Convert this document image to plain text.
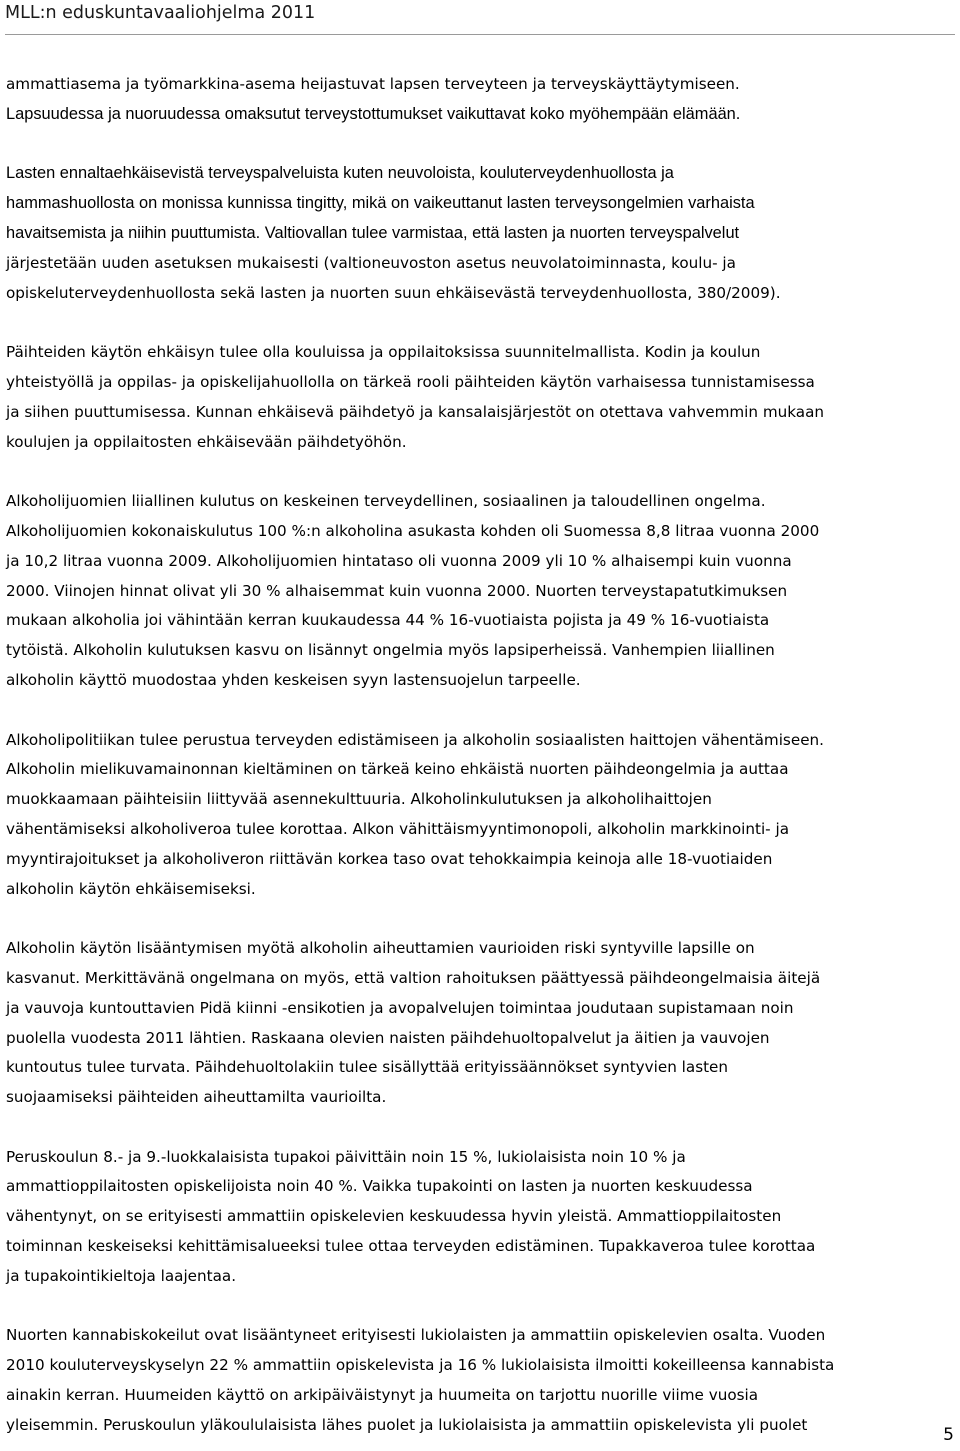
MLL:n eduskuntavaaliohjelma 2011
ammattiasema ja työmarkkina-asema heijastuvat lapsen terveyteen ja terveyskäyttäytymiseen.
Lapsuudessa ja nuoruudessa omaksutut terveystottumukset vaikuttavat koko myöhempään elämään.
Lasten ennaltaehkäisevistä terveyspalveluista kuten neuvoloista, kouluterveydenhuollosta ja
hammashuollosta on monissa kunnissa tingitty, mikä on vaikeuttanut lasten terveysongelmien varhaista
havaitsemista ja niihin puuttumista. Valtiovallan tulee varmistaa, että lasten ja nuorten terveyspalvelut
järjestetään uuden asetuksen mukaisesti (valtioneuvoston asetus neuvolatoiminnasta, koulu- ja
opiskeluterveydenhuollosta sekä lasten ja nuorten suun ehkäisevästä terveydenhuollosta, 380/2009).
Päihteiden käytön ehkäisyn tulee olla kouluissa ja oppilaitoksissa suunnitelmallista. Kodin ja koulun
yhteistyöllä ja oppilas- ja opiskelijahuollolla on tärkeä rooli päihteiden käytön varhaisessa tunnistamisessa
ja siihen puuttumisessa. Kunnan ehkäisevä päihdetyö ja kansalaisjärjestöt on otettava vahvemmin mukaan
koulujen ja oppilaitosten ehkäisevään päihdetyöhön.
Alkoholijuomien liiallinen kulutus on keskeinen terveydellinen, sosiaalinen ja taloudellinen ongelma.
Alkoholijuomien kokonaiskulutus 100 %:n alkoholina asukasta kohden oli Suomessa 8,8 litraa vuonna 2000
ja 10,2 litraa vuonna 2009. Alkoholijuomien hintataso oli vuonna 2009 yli 10 % alhaisempi kuin vuonna
2000. Viinojen hinnat olivat yli 30 % alhaisemmat kuin vuonna 2000. Nuorten terveystapatutkimuksen
mukaan alkoholia joi vähintään kerran kuukaudessa 44 % 16-vuotiaista pojista ja 49 % 16-vuotiaista
tytöistä. Alkoholin kulutuksen kasvu on lisännyt ongelmia myös lapsiperheissä. Vanhempien liiallinen
alkoholin käyttö muodostaa yhden keskeisen syyn lastensuojelun tarpeelle.
Alkoholipolitiikan tulee perustua terveyden edistämiseen ja alkoholin sosiaalisten haittojen vähentämiseen.
Alkoholin mielikuvamainonnan kieltäminen on tärkeä keino ehkäistä nuorten päihdeongelmia ja auttaa
muokkaamaan päihteisiin liittyvää asennekulttuuria. Alkoholinkulutuksen ja alkoholihaittojen
vähentämiseksi alkoholiveroa tulee korottaa. Alkon vähittäismyyntimonopoli, alkoholin markkinointi- ja
myyntirajoitukset ja alkoholiveron riittävän korkea taso ovat tehokkaimpia keinoja alle 18-vuotiaiden
alkoholin käytön ehkäisemiseksi.
Alkoholin käytön lisääntymisen myötä alkoholin aiheuttamien vaurioiden riski syntyville lapsille on
kasvanut. Merkittävänä ongelmana on myös, että valtion rahoituksen päättyessä päihdeongelmaisia äitejä
ja vauvoja kuntouttavien Pidä kiinni -ensikotien ja avopalvelujen toimintaa joudutaan supistamaan noin
puolella vuodesta 2011 lähtien. Raskaana olevien naisten päihdehuoltopalvelut ja äitien ja vauvojen
kuntoutus tulee turvata. Päihdehuoltolakiin tulee sisällyttää erityissäännökset syntyvien lasten
suojaamiseksi päihteiden aiheuttamilta vaurioilta.
Peruskoulun 8.- ja 9.-luokkalaisista tupakoi päivittäin noin 15 %, lukiolaisista noin 10 % ja
ammattioppilaitosten opiskelijoista noin 40 %. Vaikka tupakointi on lasten ja nuorten keskuudessa
vähentynyt, on se erityisesti ammattiin opiskelevien keskuudessa hyvin yleistä. Ammattioppilaitosten
toiminnan keskeiseksi kehittämisalueeksi tulee ottaa terveyden edistäminen. Tupakkaveroa tulee korottaa
ja tupakointikieltoja laajentaa.
Nuorten kannabiskokeilut ovat lisääntyneet erityisesti lukiolaisten ja ammattiin opiskelevien osalta. Vuoden
2010 kouluterveyskyselyn 22 % ammattiin opiskelevista ja 16 % lukiolaisista ilmoitti kokeilleensa kannabista
ainakin kerran. Huumeiden käyttö on arkipäiväistynyt ja huumeita on tarjottu nuorille viime vuosia
yleisemmin. Peruskoulun yläkoululaisista lähes puolet ja lukiolaisista ja ammattiin opiskelevista yli puolet
5
